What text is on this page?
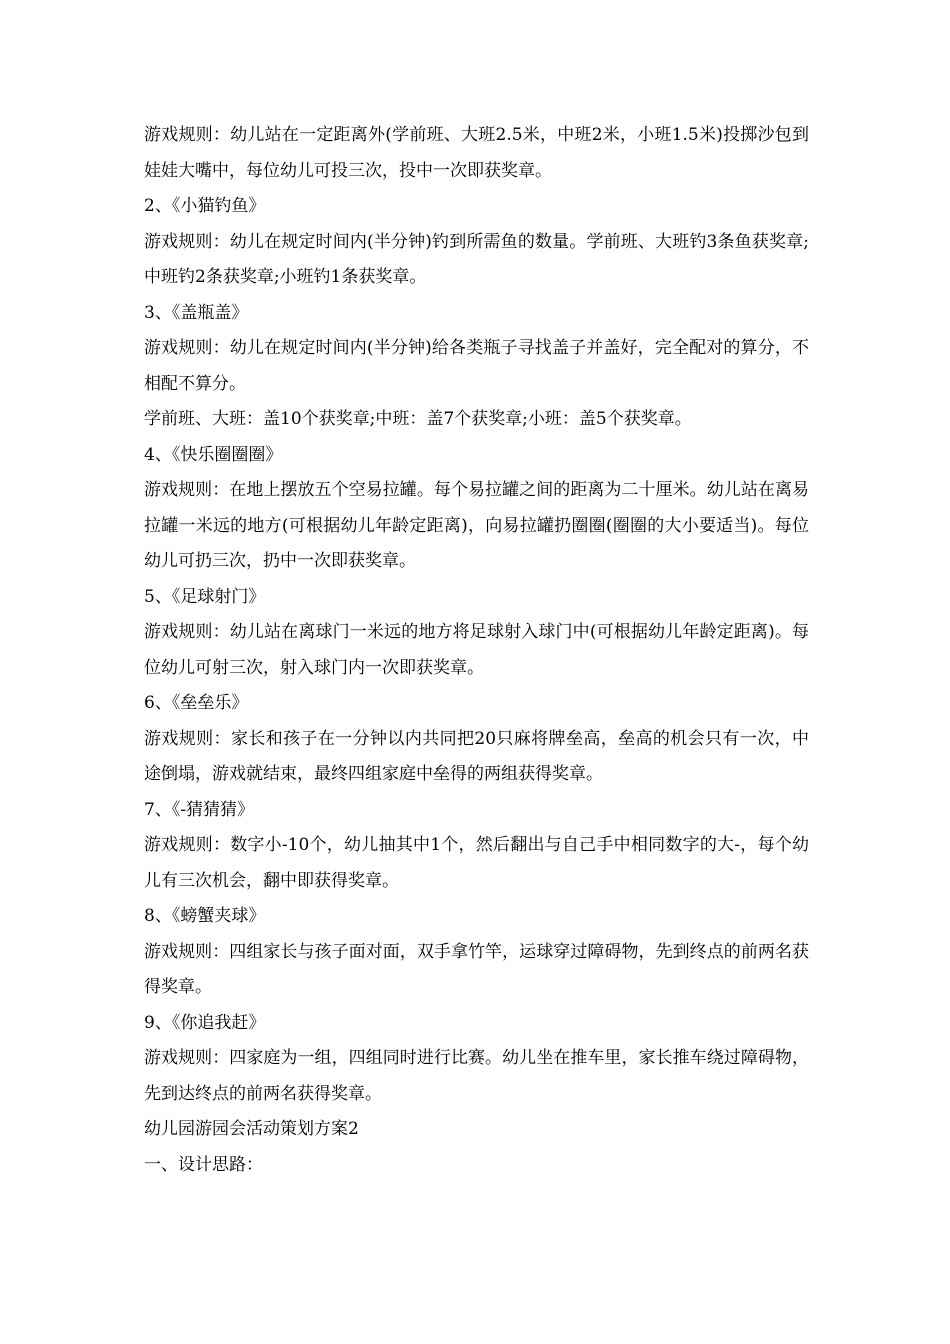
游戏规则：幼儿站在一定距离外(学前班、大班2.5米，中班2米，小班1.5米)投掷沙包到娃娃大嘴中，每位幼儿可投三次，投中一次即获奖章。

2、《小猫钓鱼》

游戏规则：幼儿在规定时间内(半分钟)钓到所需鱼的数量。学前班、大班钓3条鱼获奖章;中班钓2条获奖章;小班钓1条获奖章。

3、《盖瓶盖》

游戏规则：幼儿在规定时间内(半分钟)给各类瓶子寻找盖子并盖好，完全配对的算分，不相配不算分。

学前班、大班：盖10个获奖章;中班：盖7个获奖章;小班：盖5个获奖章。

4、《快乐圈圈圈》

游戏规则：在地上摆放五个空易拉罐。每个易拉罐之间的距离为二十厘米。幼儿站在离易拉罐一米远的地方(可根据幼儿年龄定距离)，向易拉罐扔圈圈(圈圈的大小要适当)。每位幼儿可扔三次，扔中一次即获奖章。

5、《足球射门》

游戏规则：幼儿站在离球门一米远的地方将足球射入球门中(可根据幼儿年龄定距离)。每位幼儿可射三次，射入球门内一次即获奖章。

6、《垒垒乐》

游戏规则：家长和孩子在一分钟以内共同把20只麻将牌垒高，垒高的机会只有一次，中途倒塌，游戏就结束，最终四组家庭中垒得的两组获得奖章。

7、《-猜猜猜》

游戏规则：数字小-10个，幼儿抽其中1个，然后翻出与自己手中相同数字的大-，每个幼儿有三次机会，翻中即获得奖章。

8、《螃蟹夹球》

游戏规则：四组家长与孩子面对面，双手拿竹竿，运球穿过障碍物，先到终点的前两名获得奖章。

9、《你追我赶》

游戏规则：四家庭为一组，四组同时进行比赛。幼儿坐在推车里，家长推车绕过障碍物，先到达终点的前两名获得奖章。

幼儿园游园会活动策划方案2

一、设计思路：
